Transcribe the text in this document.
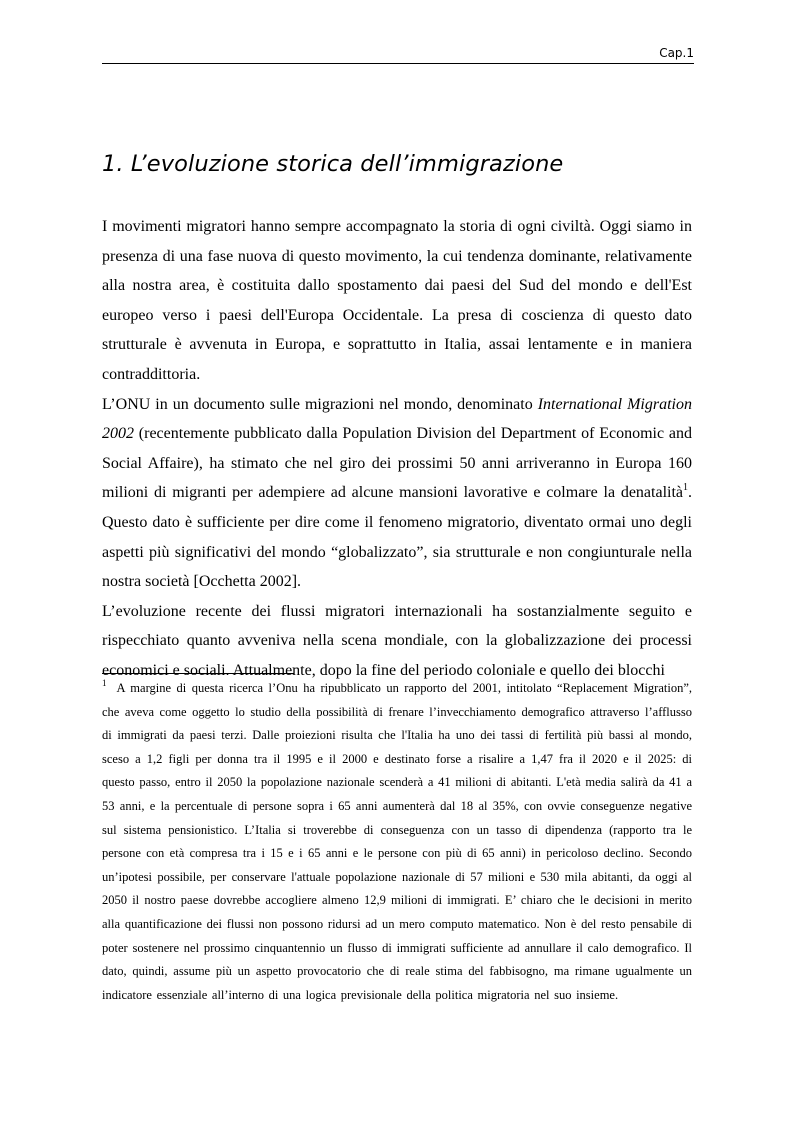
Cap.1
1. L’evoluzione storica dell’immigrazione

I movimenti migratori hanno sempre accompagnato la storia di ogni civiltà. Oggi siamo in presenza di una fase nuova di questo movimento, la cui tendenza dominante, relativamente alla nostra area, è costituita dallo spostamento dai paesi del Sud del mondo e dell'Est europeo verso i paesi dell'Europa Occidentale. La presa di coscienza di questo dato strutturale è avvenuta in Europa, e soprattutto in Italia, assai lentamente e in maniera contraddittoria.

L’ONU in un documento sulle migrazioni nel mondo, denominato International Migration 2002 (recentemente pubblicato dalla Population Division del Department of Economic and Social Affaire), ha stimato che nel giro dei prossimi 50 anni arriveranno in Europa 160 milioni di migranti per adempiere ad alcune mansioni lavorative e colmare la denatalità$^1$. Questo dato è sufficiente per dire come il fenomeno migratorio, diventato ormai uno degli aspetti più significativi del mondo “globalizzato”, sia strutturale e non congiunturale nella nostra società [Occhetta 2002].

L’evoluzione recente dei flussi migratori internazionali ha sostanzialmente seguito e rispecchiato quanto avveniva nella scena mondiale, con la globalizzazione dei processi economici e sociali. Attualmente, dopo la fine del periodo coloniale e quello dei blocchi

$^1$ A margine di questa ricerca l’Onu ha ripubblicato un rapporto del 2001, intitolato “Replacement Migration”, che aveva come oggetto lo studio della possibilità di frenare l’invecchiamento demografico attraverso l’afflusso di immigrati da paesi terzi. Dalle proiezioni risulta che l'Italia ha uno dei tassi di fertilità più bassi al mondo, sceso a 1,2 figli per donna tra il 1995 e il 2000 e destinato forse a risalire a 1,47 fra il 2020 e il 2025: di questo passo, entro il 2050 la popolazione nazionale scenderà a 41 milioni di abitanti. L'età media salirà da 41 a 53 anni, e la percentuale di persone sopra i 65 anni aumenterà dal 18 al 35%, con ovvie conseguenze negative sul sistema pensionistico. L’Italia si troverebbe di conseguenza con un tasso di dipendenza (rapporto tra le persone con età compresa tra i 15 e i 65 anni e le persone con più di 65 anni) in pericoloso declino. Secondo un’ipotesi possibile, per conservare l'attuale popolazione nazionale di 57 milioni e 530 mila abitanti, da oggi al 2050 il nostro paese dovrebbe accogliere almeno 12,9 milioni di immigrati. E’ chiaro che le decisioni in merito alla quantificazione dei flussi non possono ridursi ad un mero computo matematico. Non è del resto pensabile di poter sostenere nel prossimo cinquantennio un flusso di immigrati sufficiente ad annullare il calo demografico. Il dato, quindi, assume più un aspetto provocatorio che di reale stima del fabbisogno, ma rimane ugualmente un indicatore essenziale all’interno di una logica previsionale della politica migratoria nel suo insieme.
